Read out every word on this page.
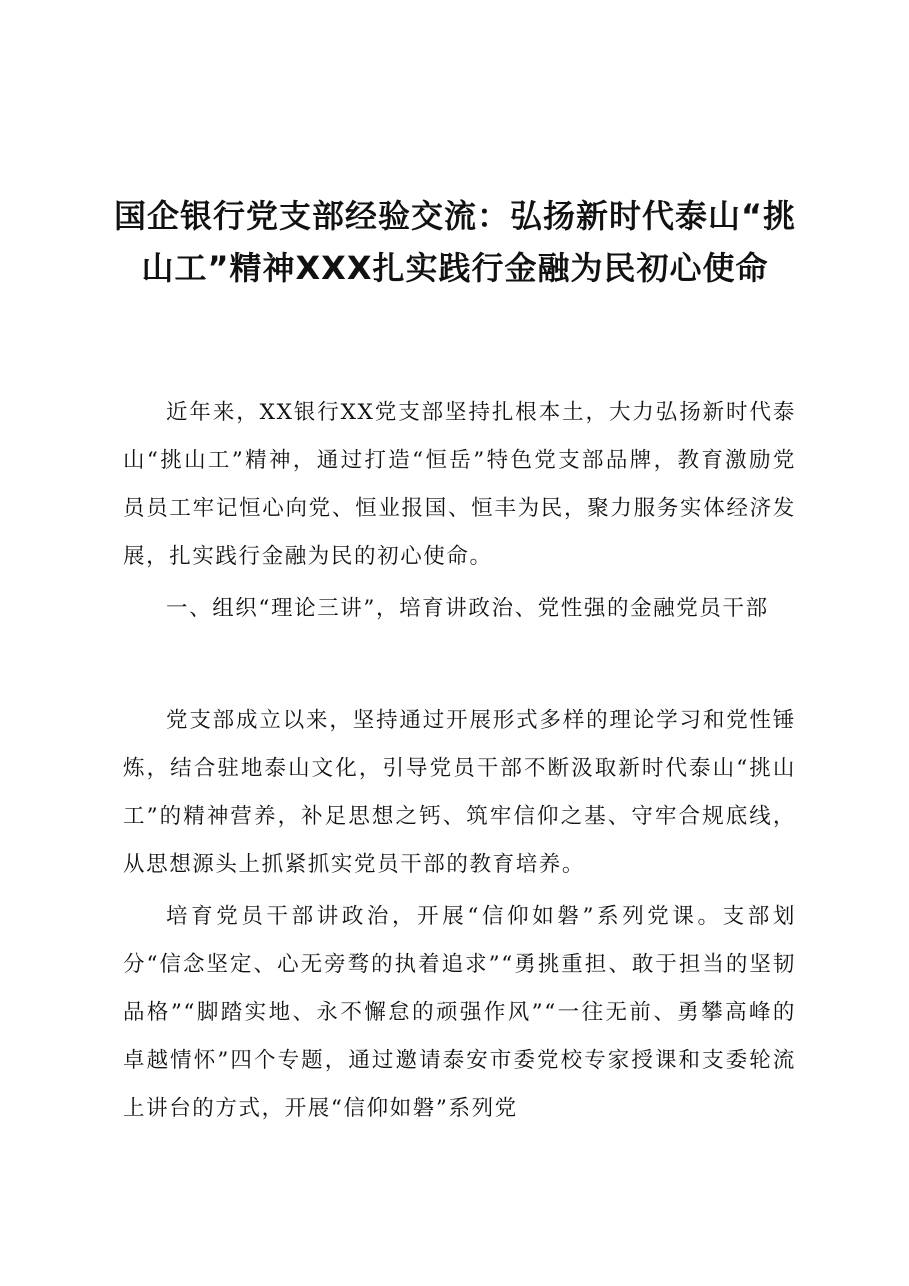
国企银行党支部经验交流：弘扬新时代泰山“挑山工”精神XXX扎实践行金融为民初心使命

近年来，XX银行XX党支部坚持扎根本土，大力弘扬新时代泰山“挑山工”精神，通过打造“恒岳”特色党支部品牌，教育激励党员员工牢记恒心向党、恒业报国、恒丰为民，聚力服务实体经济发展，扎实践行金融为民的初心使命。

一、组织“理论三讲”，培育讲政治、党性强的金融党员干部

党支部成立以来，坚持通过开展形式多样的理论学习和党性锤炼，结合驻地泰山文化，引导党员干部不断汲取新时代泰山“挑山工”的精神营养，补足思想之钙、筑牢信仰之基、守牢合规底线，从思想源头上抓紧抓实党员干部的教育培养。

培育党员干部讲政治，开展“信仰如磐”系列党课。支部划分“信念坚定、心无旁骛的执着追求”“勇挑重担、敢于担当的坚韧品格”“脚踏实地、永不懈怠的顽强作风”“一往无前、勇攀高峰的卓越情怀”四个专题，通过邀请泰安市委党校专家授课和支委轮流上讲台的方式，开展“信仰如磐”系列党
